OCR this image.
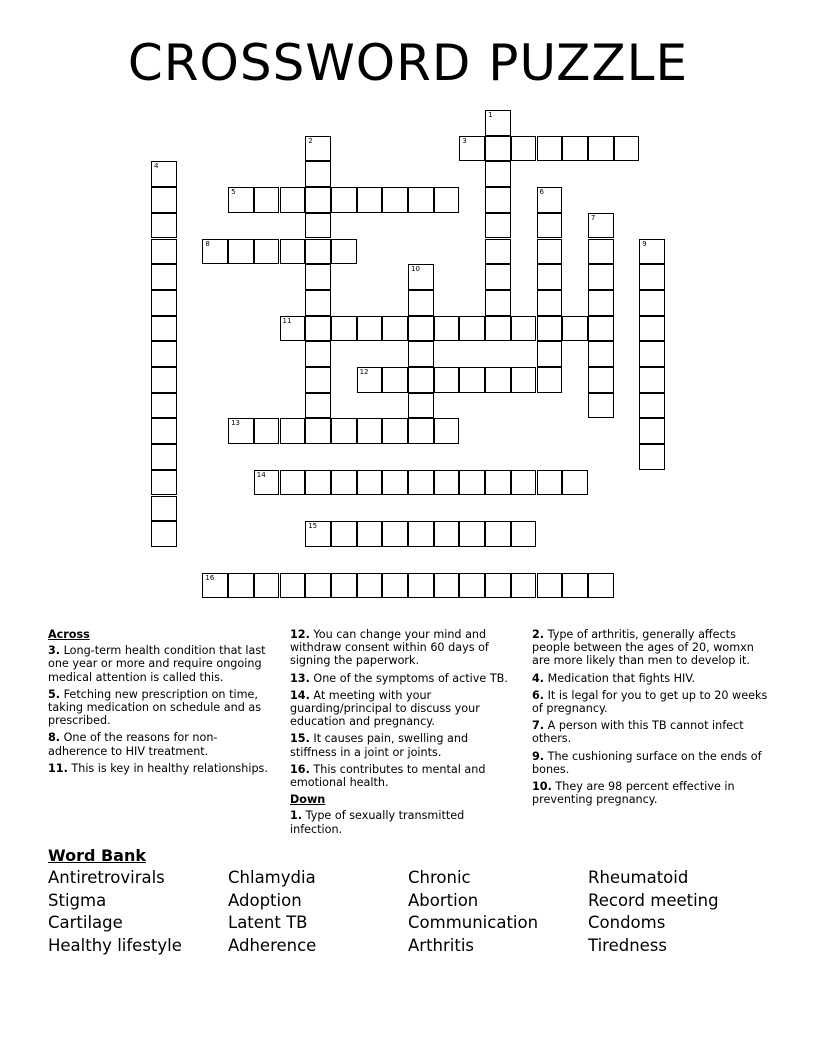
CROSSWORD PUZZLE
1
2	3
4
5	6
7
8	9
10
11
12
13
14
15
16
Across
3. Long-term health condition that last one year or more and require ongoing medical attention is called this.
5. Fetching new prescription on time, taking medication on schedule and as prescribed.
8. One of the reasons for non-adherence to HIV treatment.
11. This is key in healthy relationships.
12. You can change your mind and withdraw consent within 60 days of signing the paperwork.
13. One of the symptoms of active TB.
14. At meeting with your guarding/principal to discuss your education and pregnancy.
15. It causes pain, swelling and stiffness in a joint or joints.
16. This contributes to mental and emotional health.
Down
1. Type of sexually transmitted infection.
2. Type of arthritis, generally affects people between the ages of 20, womxn are more likely than men to develop it.
4. Medication that fights HIV.
6. It is legal for you to get up to 20 weeks of pregnancy.
7. A person with this TB cannot infect others.
9. The cushioning surface on the ends of bones.
10. They are 98 percent effective in preventing pregnancy.
Word Bank
Antiretrovirals
Stigma
Cartilage
Healthy lifestyle
Chlamydia
Adoption
Latent TB
Adherence
Chronic
Abortion
Communication
Arthritis
Rheumatoid
Record meeting
Condoms
Tiredness
